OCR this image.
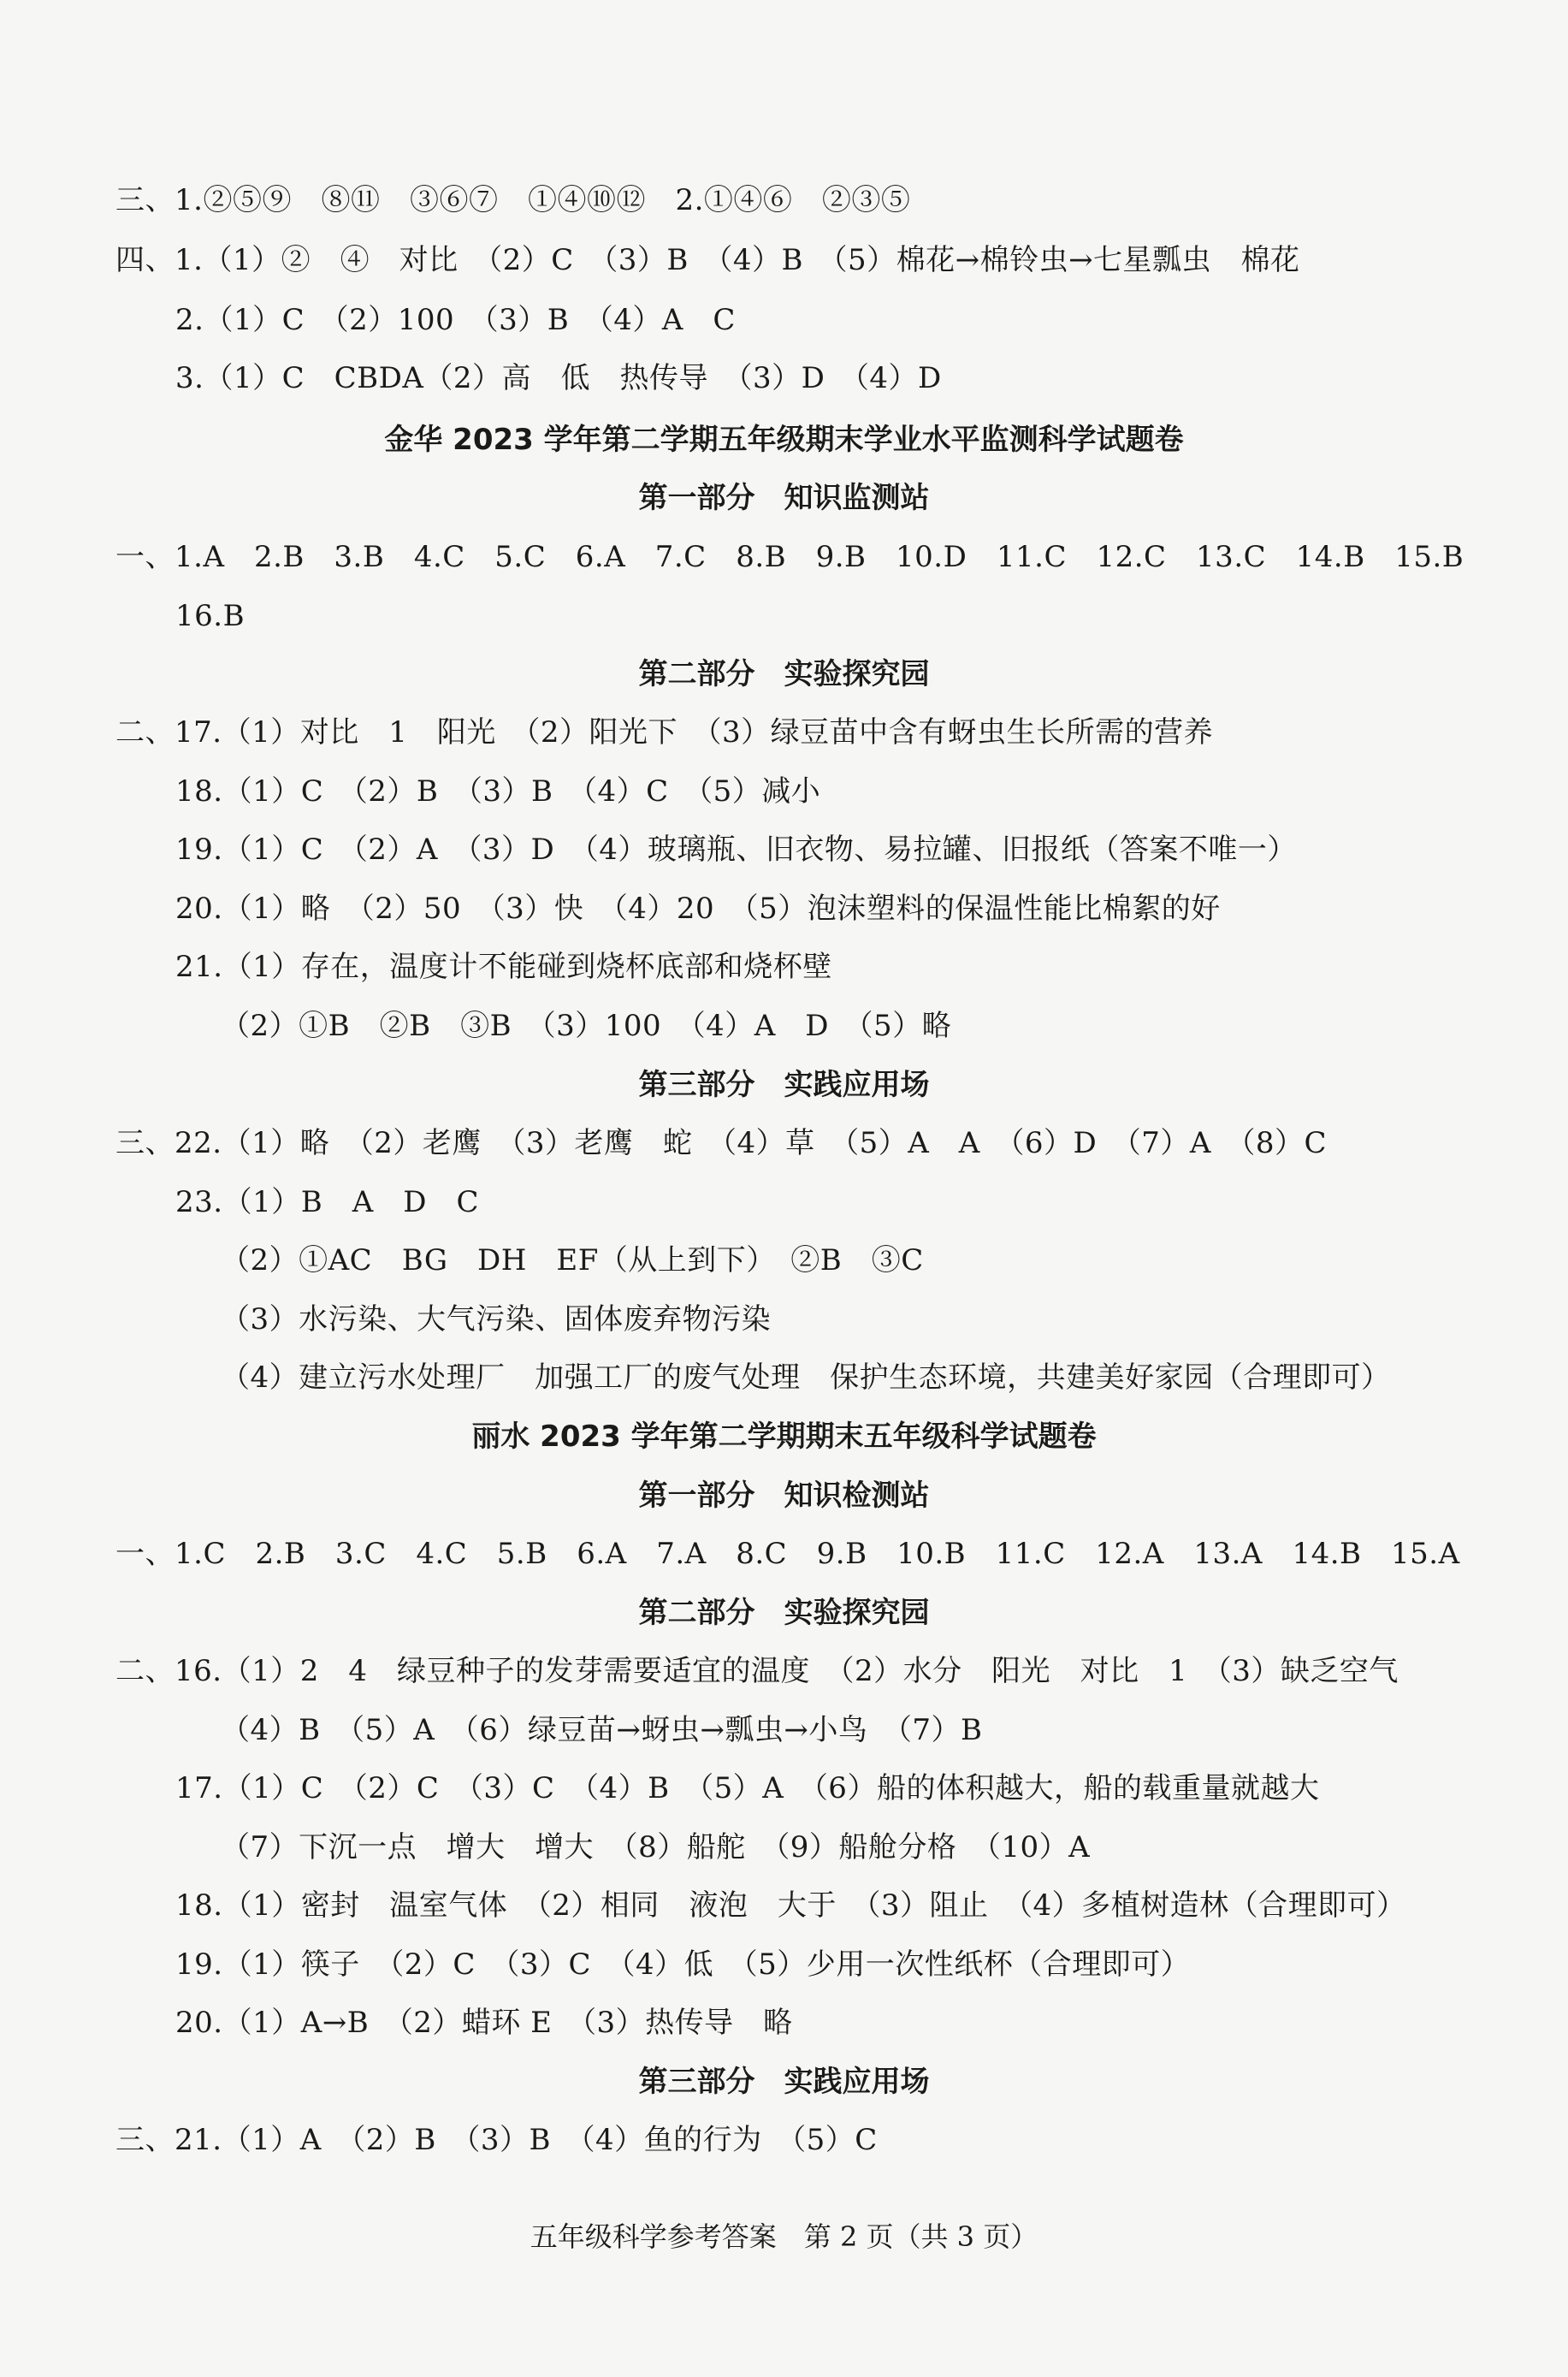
三、1.②⑤⑨　⑧⑪　③⑥⑦　①④⑩⑫　2.①④⑥　②③⑤
四、1.（1）②　④　对比　（2）C　（3）B　（4）B　（5）棉花→棉铃虫→七星瓢虫　棉花
2.（1）C　（2）100　（3）B　（4）A　C
3.（1）C　CBDA（2）高　低　热传导　（3）D　（4）D
金华 2023 学年第二学期五年级期末学业水平监测科学试题卷
第一部分　知识监测站
一、1.A　2.B　3.B　4.C　5.C　6.A　7.C　8.B　9.B　10.D　11.C　12.C　13.C　14.B　15.B
16.B
第二部分　实验探究园
二、17.（1）对比　1　阳光　（2）阳光下　（3）绿豆苗中含有蚜虫生长所需的营养
18.（1）C　（2）B　（3）B　（4）C　（5）减小
19.（1）C　（2）A　（3）D　（4）玻璃瓶、旧衣物、易拉罐、旧报纸（答案不唯一）
20.（1）略　（2）50　（3）快　（4）20　（5）泡沫塑料的保温性能比棉絮的好
21.（1）存在，温度计不能碰到烧杯底部和烧杯壁
（2）①B　②B　③B　（3）100　（4）A　D　（5）略
第三部分　实践应用场
三、22.（1）略　（2）老鹰　（3）老鹰　蛇　（4）草　（5）A　A　（6）D　（7）A　（8）C
23.（1）B　A　D　C
（2）①AC　BG　DH　EF（从上到下）　②B　③C
（3）水污染、大气污染、固体废弃物污染
（4）建立污水处理厂　加强工厂的废气处理　保护生态环境，共建美好家园（合理即可）
丽水 2023 学年第二学期期末五年级科学试题卷
第一部分　知识检测站
一、1.C　2.B　3.C　4.C　5.B　6.A　7.A　8.C　9.B　10.B　11.C　12.A　13.A　14.B　15.A
第二部分　实验探究园
二、16.（1）2　4　绿豆种子的发芽需要适宜的温度　（2）水分　阳光　对比　1　（3）缺乏空气
（4）B　（5）A　（6）绿豆苗→蚜虫→瓢虫→小鸟　（7）B
17.（1）C　（2）C　（3）C　（4）B　（5）A　（6）船的体积越大，船的载重量就越大
（7）下沉一点　增大　增大　（8）船舵　（9）船舱分格　（10）A
18.（1）密封　温室气体　（2）相同　液泡　大于　（3）阻止　（4）多植树造林（合理即可）
19.（1）筷子　（2）C　（3）C　（4）低　（5）少用一次性纸杯（合理即可）
20.（1）A→B　（2）蜡环 E　（3）热传导　略
第三部分　实践应用场
三、21.（1）A　（2）B　（3）B　（4）鱼的行为　（5）C
五年级科学参考答案　第 2 页（共 3 页）
